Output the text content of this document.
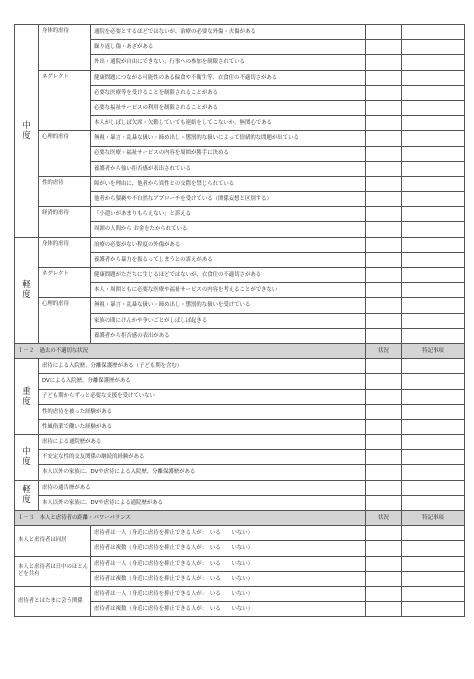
中
度	身体的虐待	通院を必要とするほどではないが、治療の必要な外傷・火傷がある		
		繰り返し傷・あざがある		
		外出・通院が自由にできない、行事への参加を制限されている		
	ネグレクト	健康問題につながる可能性のある偏食や不衛生等、衣食住の不適切さがある		
		必要な医療等を受けることを制限されることがある		
		必要な福祉サービスの利用を制限されることがある		
		本人がしばしば欠席・欠勤していても連絡をしてこないか、無関心である		
	心理的虐待	無視・暴言・乱暴な扱い・締め出し・懲罰的な扱いによって情緒的な問題が出ている		
		必要な医療・福祉サービスの内容を周囲が勝手に決める		
		養護者から強い拒否感が表出されている		
	性的虐待	障がいを理由に、他者から異性との交際を禁じられている		
		他者から猥褻や不自然なアプローチを受けている（関係妄想と区別する）		
	経済的虐待	「小遣いがあまりもらえない」と訴える		
		周囲の人間から お金をたかられている		
軽
度	身体的虐待	治療の必要がない程度の外傷がある		
		養護者から暴力を振るってしまうとの訴えがある		
	ネグレクト	健康問題がただちに生じるほどではないが、衣食住の不適切さがある		
		本人・周囲ともに必要な医療や福祉サービスの内容を考えることができない		
	心理的虐待	無視・暴言・乱暴な扱い・締め出し・懲罰的な扱いを受けている		
		家族の間にけんかや争いごとがしばしば起きる		
		養護者から拒否感の表出がある		
Ｉ－２　過去の不適切な状況			状況	特記事項
重
度	虐待による入院歴、分離保護歴がある（子ども期を含む）			
	DVによる入院歴、分離保護歴がある			
	子ども期からずっと必要な支援を受けていない			
	性的虐待を被った経験がある			
	性風俗業で働いた経験がある			
中
度	虐待による通院歴がある			
	不安定な性的交友関係の継続的経験がある			
	本人以外の家族に、DVや虐待による入院歴、分離保護歴がある			
軽
度	虐待の通告歴がある			
	本人以外の家族に、DVや虐待による通院歴がある			
Ｉ－３　本人と虐待者の距離・パワーバランス			状況	特記事項
本人と虐待者は同居		虐待者は一人（身近に虐待を抑止できる人が：　いる　　いない）		
		虐待者は複数（身近に虐待を抑止できる人が：　いる　　いない）		
本人と虐待者は日中のほとんどを共有		虐待者は一人（身近に虐待を抑止できる人が：　いる　　いない）		
		虐待者は複数（身近に虐待を抑止できる人が：　いる　　いない）		
虐待者とはたまに会う関係		虐待者は一人（身近に虐待を抑止できる人が：　いる　　いない）		
		虐待者は複数（身近に虐待を抑止できる人が：　いる　　いない）		
